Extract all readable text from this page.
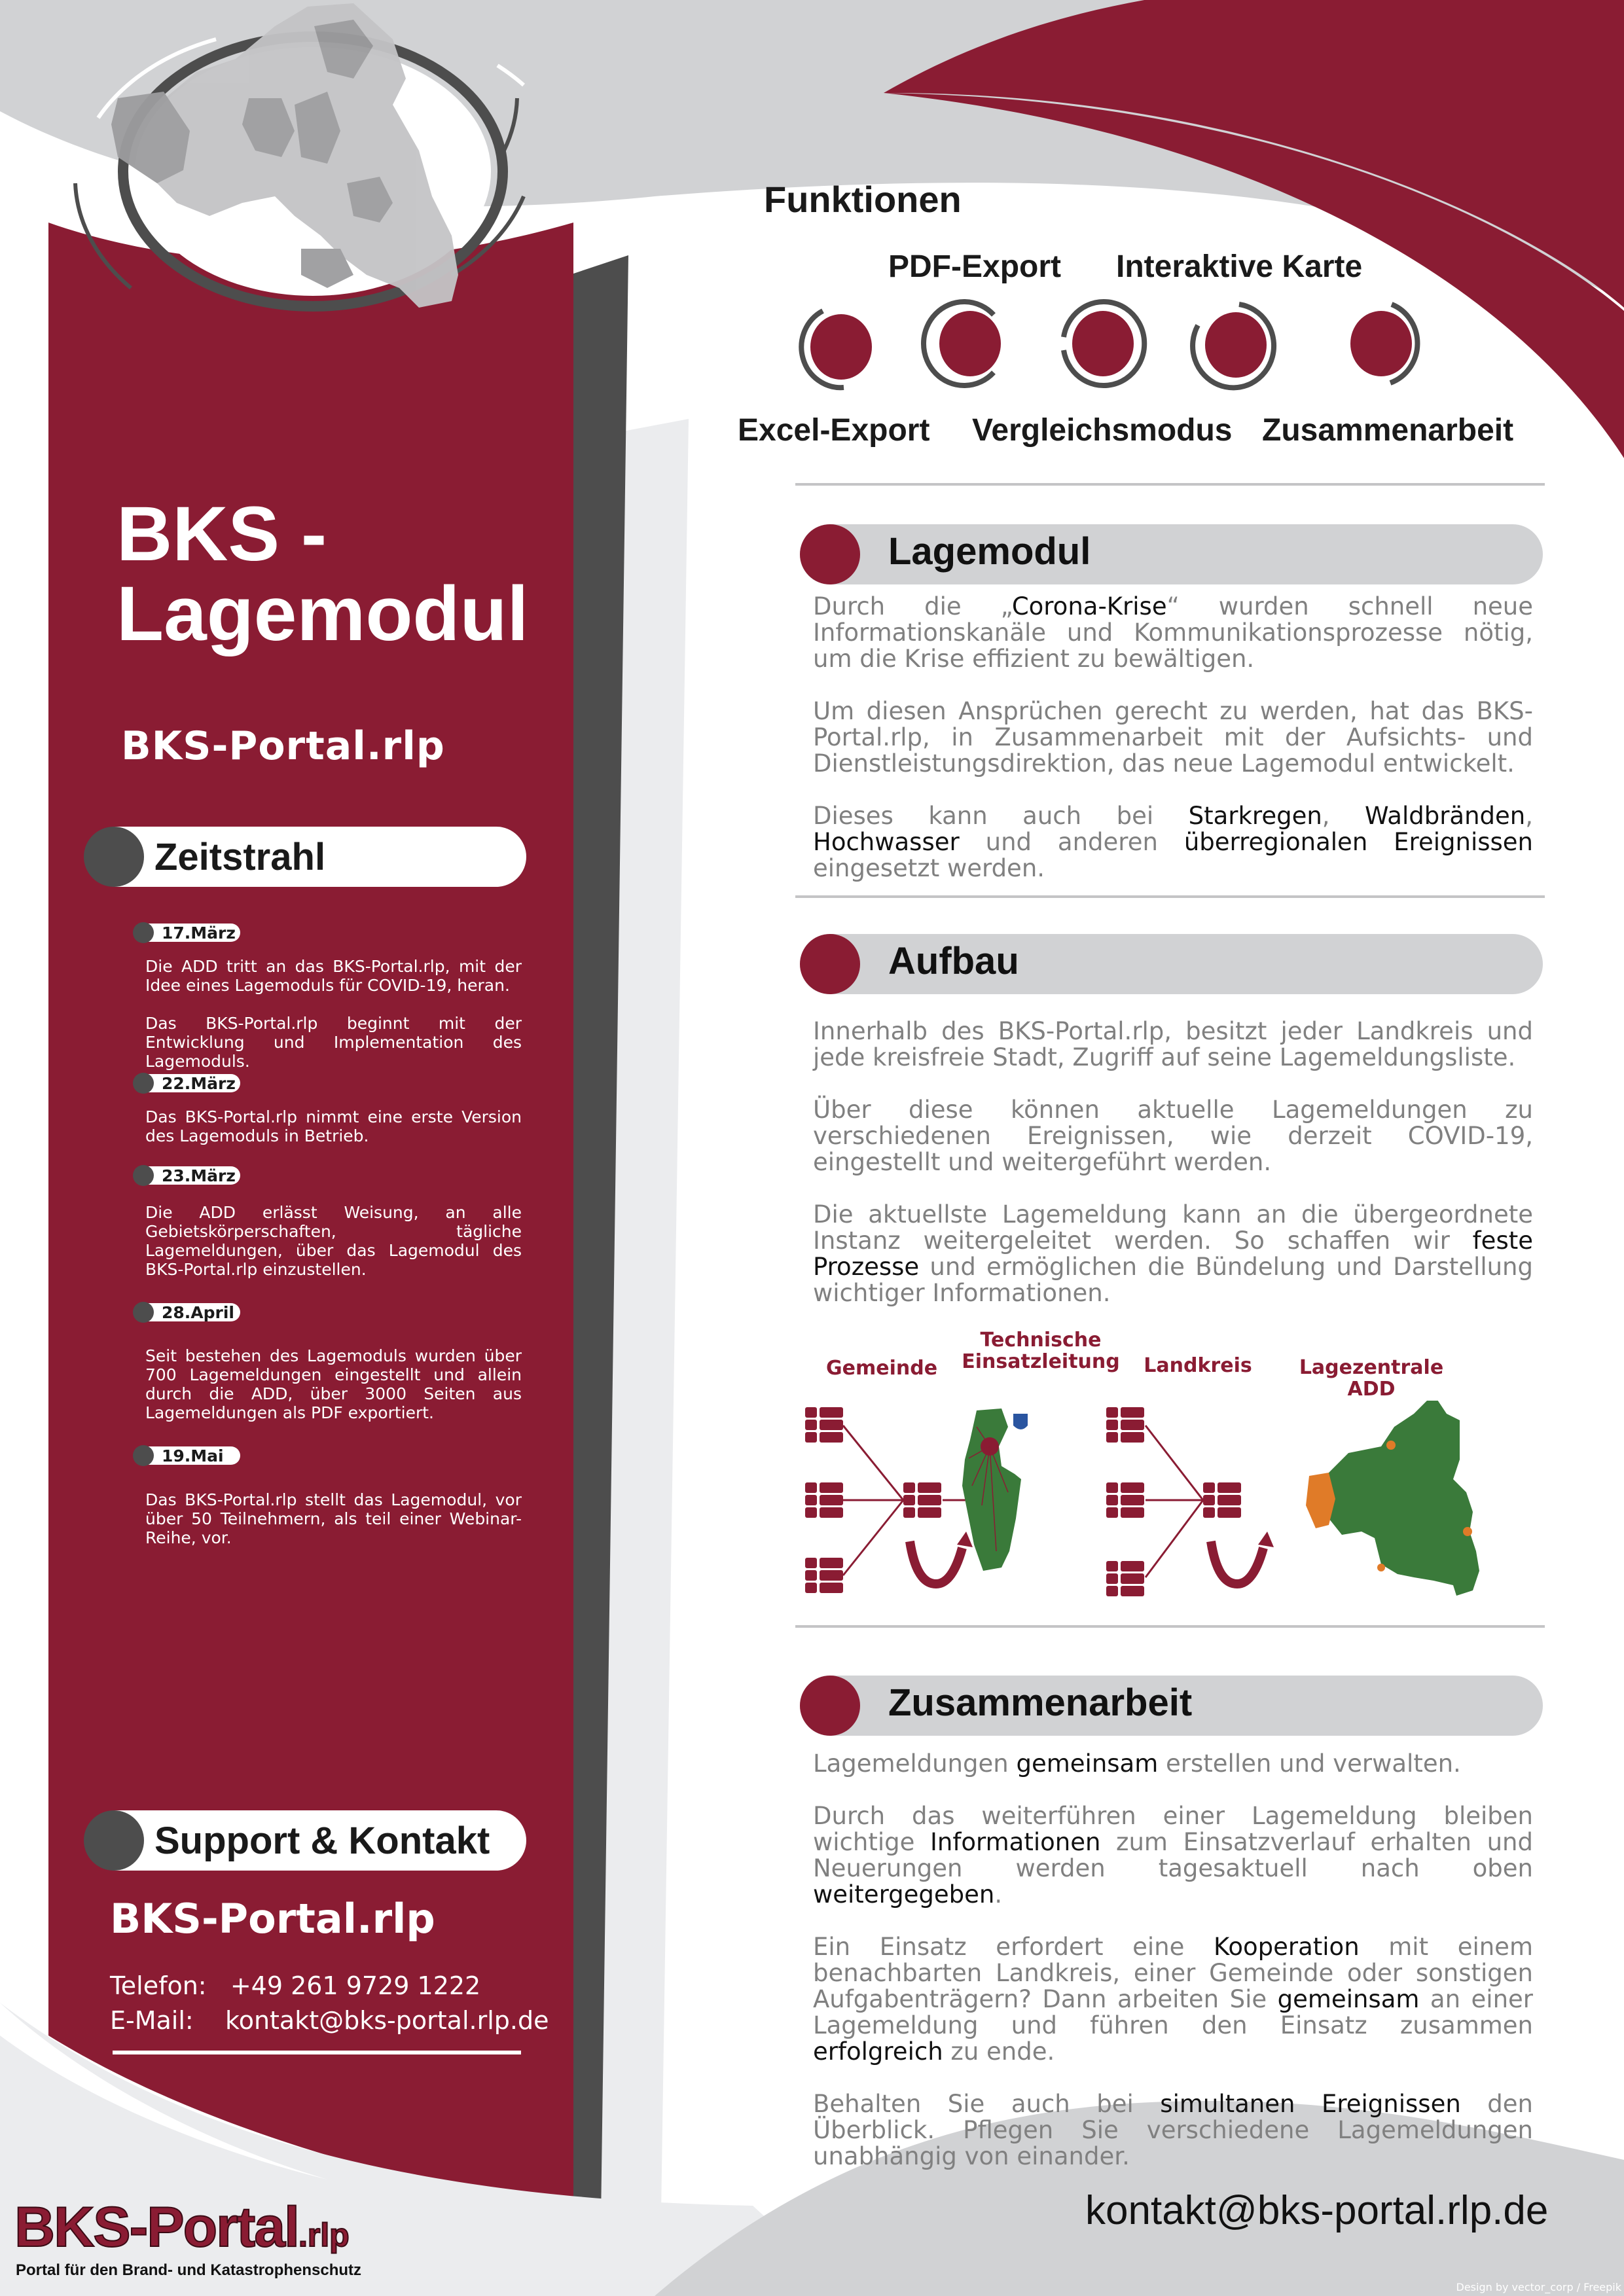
BKS -
Lagemodul
BKS-Portal.rlp
Zeitstrahl
17.März

Die ADD tritt an das BKS-Portal.rlp, mit der Idee eines Lagemoduls für COVID-19, heran.

Das BKS-Portal.rlp beginnt mit der Entwicklung und Implementation des Lagemoduls.

22.März

Das BKS-Portal.rlp nimmt eine erste Version des Lagemoduls in Betrieb.

23.März

Die ADD erlässt Weisung, an alle Gebietskörperschaften, tägliche Lagemeldungen, über das Lagemodul des BKS-Portal.rlp einzustellen.

28.April

Seit bestehen des Lagemoduls wurden über 700 Lagemeldungen eingestellt und allein durch die ADD, über 3000 Seiten aus Lagemeldungen als PDF exportiert.

19.Mai

Das BKS-Portal.rlp stellt das Lagemodul, vor über 50 Teilnehmern, als teil einer Webinar-Reihe, vor.

Support & Kontakt
BKS-Portal.rlp
Telefon: +49 261 9729 1222
E-Mail: kontakt@bks-portal.rlp.de
BKS-Portal.rlp
Portal für den Brand- und Katastrophenschutz
Funktionen
Excel-Export
PDF-Export
Vergleichsmodus
Interaktive Karte
Zusammenarbeit
Lagemodul

Durch die „Corona-Krise“ wurden schnell neue Informationskanäle und Kommunikationsprozesse nötig, um die Krise effizient zu bewältigen.

Um diesen Ansprüchen gerecht zu werden, hat das BKS-Portal.rlp, in Zusammenarbeit mit der Aufsichts- und Dienstleistungsdirektion, das neue Lagemodul entwickelt.

Dieses kann auch bei Starkregen, Waldbränden, Hochwasser und anderen überregionalen Ereignissen eingesetzt werden.

Aufbau

Innerhalb des BKS-Portal.rlp, besitzt jeder Landkreis und jede kreisfreie Stadt, Zugriff auf seine Lagemeldungsliste.

Über diese können aktuelle Lagemeldungen zu verschiedenen Ereignissen, wie derzeit COVID-19, eingestellt und weitergeführt werden.

Die aktuellste Lagemeldung kann an die übergeordnete Instanz weitergeleitet werden. So schaffen wir feste Prozesse und ermöglichen die Bündelung und Darstellung wichtiger Informationen.

Gemeinde
Technische Einsatzleitung Landkreis Lagezentrale ADD
Zusammenarbeit

Lagemeldungen gemeinsam erstellen und verwalten.

Durch das weiterführen einer Lagemeldung bleiben wichtige Informationen zum Einsatzverlauf erhalten und Neuerungen werden tagesaktuell nach oben weitergegeben.

Ein Einsatz erfordert eine Kooperation mit einem benachbarten Landkreis, einer Gemeinde oder sonstigen Aufgabenträgern? Dann arbeiten Sie gemeinsam an einer Lagemeldung und führen den Einsatz zusammen erfolgreich zu ende.

Behalten Sie auch bei simultanen Ereignissen den Überblick. Pflegen Sie verschiedene Lagemeldungen unabhängig von einander.

kontakt@bks-portal.rlp.de
Design by vector_corp / Freepik
